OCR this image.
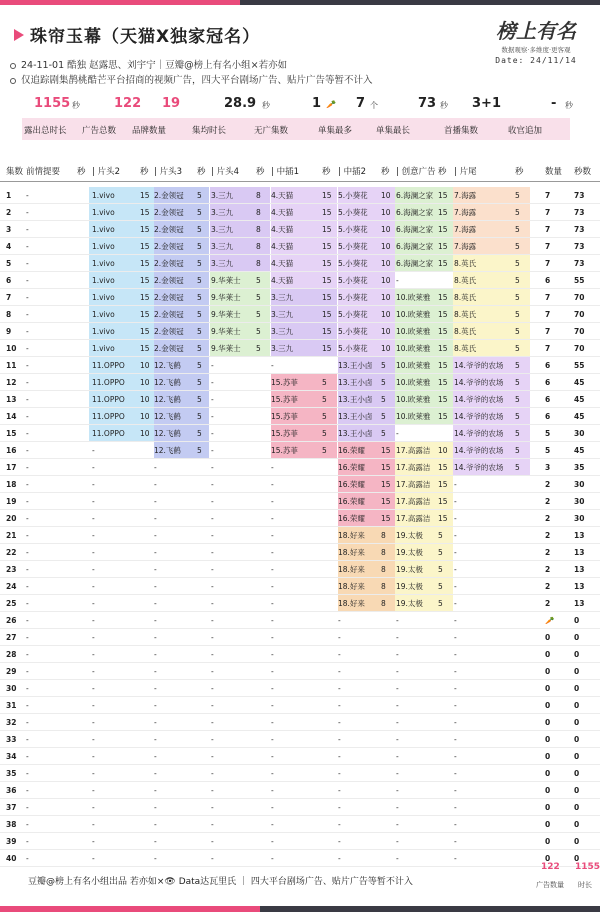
珠帘玉幕（天猫X独家冠名）
24-11-01 酷独 赵露思、刘宇宁｜豆瓣@榜上有名小组×若亦如
仅追踪剧集鹊桃酷芒平台招商的视频广告，四大平台剧场广告、贴片广告等暂不计入
榜上有名
数据观察·多维度·更客观
Date: 24/11/14
1155 秒	122 19	28.9 秒	1 🥕 7 个	73 秒 3+1	- 秒
露出总时长 广告总数 品牌数量	集均时长	无广集数	单集最多	单集最长	首播集数	收官追加
集数 前情提要 秒 | 片头2 秒 | 片头3 秒 | 片头4 秒 | 中插1	秒 | 中插2 秒 | 创意广告 秒 | 片尾	秒	数量 秒数
1 -	1.vivo	15 2.金领冠 5 3.三九	8 4.天猫	15 5.小葵花 10 6.海澜之家 15 7.海露	5	7	73
2 -	1.vivo	15 2.金领冠 5 3.三九	8 4.天猫	15 5.小葵花 10 6.海澜之家 15 7.海露	5	7	73
3 -	1.vivo	15 2.金领冠 5 3.三九	8 4.天猫	15 5.小葵花 10 6.海澜之家 15 7.海露	5	7	73
4 -	1.vivo	15 2.金领冠 5 3.三九	8 4.天猫	15 5.小葵花 10 6.海澜之家 15 7.海露	5	7	73
5 -	1.vivo	15 2.金领冠 5 3.三九	8 4.天猫	15 5.小葵花 10 6.海澜之家 15 8.英氏	5	7	73
6 -	1.vivo	15 2.金领冠 5 9.华莱士 5 4.天猫	15 5.小葵花 10 -	8.英氏	5	6	55
7 -	1.vivo	15 2.金领冠 5 9.华莱士 5 3.三九	15 5.小葵花 10 10.欧莱雅 15 8.英氏	5	7	70
8 -	1.vivo	15 2.金领冠 5 9.华莱士 5 3.三九	15 5.小葵花 10 10.欧莱雅 15 8.英氏	5	7	70
9 -	1.vivo	15 2.金领冠 5 9.华莱士 5 3.三九	15 5.小葵花 10 10.欧莱雅 15 8.英氏	5	7	70
10 -	1.vivo	15 2.金领冠 5 9.华莱士 5 3.三九	15 5.小葵花 10 10.欧莱雅 15 8.英氏	5	7	70
11 -	11.OPPO 10 12.飞鹤 5 -	-	13.王小卤 5 10.欧莱雅 15 14.爷爷的农场 5	6	55
12 -	11.OPPO 10 12.飞鹤 5 -	15.苏菲	5 13.王小卤 5 10.欧莱雅 15 14.爷爷的农场 5	6	45
13 -	11.OPPO 10 12.飞鹤 5 -	15.苏菲	5 13.王小卤 5 10.欧莱雅 15 14.爷爷的农场 5	6	45
14 -	11.OPPO 10 12.飞鹤 5 -	15.苏菲	5 13.王小卤 5 10.欧莱雅 15 14.爷爷的农场 5	6	45
15 -	11.OPPO 10 12.飞鹤 5 -	15.苏菲	5 13.王小卤 5 -	14.爷爷的农场 5	5	30
16 -	-	12.飞鹤 5 -	15.苏菲	5 16.荣耀 15 17.高露洁 10 14.爷爷的农场 5	5	45
17 -	-	-	-	-	16.荣耀 15 17.高露洁 15 14.爷爷的农场 5	3	35
18 -	-	-	-	-	16.荣耀 15 17.高露洁 15 -	2	30
19 -	-	-	-	-	16.荣耀 15 17.高露洁 15 -	2	30
20 -	-	-	-	-	16.荣耀 15 17.高露洁 15 -	2	30
21 -	-	-	-	-	18.好来 8 19.太极 5 -	2	13
22 -	-	-	-	-	18.好来 8 19.太极 5 -	2	13
23 -	-	-	-	-	18.好来 8 19.太极 5 -	2	13
24 -	-	-	-	-	18.好来 8 19.太极 5 -	2	13
25 -	-	-	-	-	18.好来 8 19.太极 5 -	2	13
26 -	-	-	-	-	-	-	-	🥕	0
27 -	-	-	-	-	-	-	-	0	0
28 -	-	-	-	-	-	-	-	0	0
29 -	-	-	-	-	-	-	-	0	0
30 -	-	-	-	-	-	-	-	0	0
31 -	-	-	-	-	-	-	-	0	0
32 -	-	-	-	-	-	-	-	0	0
33 -	-	-	-	-	-	-	-	0	0
34 -	-	-	-	-	-	-	-	0	0
35 -	-	-	-	-	-	-	-	0	0
36 -	-	-	-	-	-	-	-	0	0
37 -	-	-	-	-	-	-	-	0	0
38 -	-	-	-	-	-	-	-	0	0
39 -	-	-	-	-	-	-	-	0	0
40 -	-	-	-	-	-	-	-	0	0
豆瓣@榜上有名小组出品 若亦如×👁 Data达瓦里氏 ｜ 四大平台剧场广告、贴片广告等暂不计入
122 1155
广告数量 时长
